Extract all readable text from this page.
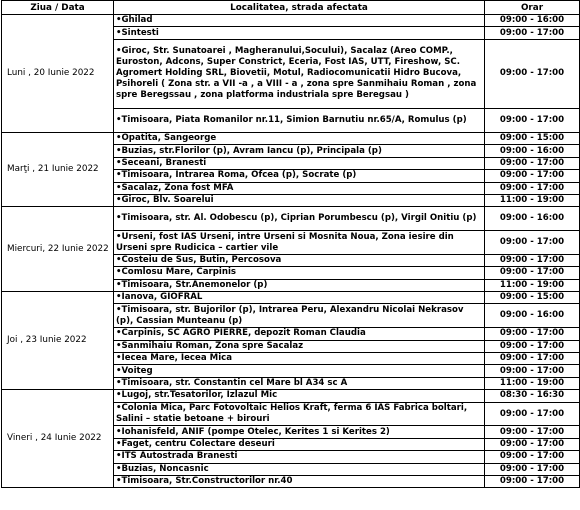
Ziua / Data	Localitatea, strada afectata	Orar
Luni , 20 Iunie 2022	•Ghilad	09:00 - 16:00
	•Sintesti	09:00 - 17:00
	•Giroc, Str. Sunatoarei , Magheranului,Socului), Sacalaz (Areo COMP., Euroston, Adcons, Super Constrict, Eceria, Fost IAS, UTT, Fireshow, SC. Agromert Holding SRL, Biovetii, Motul, Radiocomunicatii Hidro Bucova, Psihoreli ( Zona str. a VII -a , a VIII - a , zona spre Sanmihaiu Roman , zona spre Beregssau , zona platforma industriala spre Beregsau )	09:00 - 17:00
	•Timisoara, Piata Romanilor nr.11, Simion Barnutiu nr.65/A, Romulus (p)	09:00 - 17:00
Marţi , 21 Iunie 2022	•Opatita, Sangeorge	09:00 - 15:00
	•Buzias, str.Florilor (p), Avram Iancu (p), Principala (p)	09:00 - 16:00
	•Seceani, Branesti	09:00 - 17:00
	•Timisoara, Intrarea Roma, Ofcea (p), Socrate (p)	09:00 - 17:00
	•Sacalaz, Zona fost MFA	09:00 - 17:00
	•Giroc, Blv. Soarelui	11:00 - 19:00
Miercuri, 22 Iunie 2022	•Timisoara, str. Al. Odobescu (p), Ciprian Porumbescu (p), Virgil Onitiu (p)	09:00 - 16:00
	•Urseni, fost IAS Urseni, intre Urseni si Mosnita Noua, Zona iesire din Urseni spre Rudicica – cartier vile	09:00 - 17:00
	•Costeiu de Sus, Butin, Percosova	09:00 - 17:00
	•Comlosu Mare, Carpinis	09:00 - 17:00
	•Timisoara, Str.Anemonelor (p)	11:00 - 19:00
Joi , 23 Iunie 2022	•Ianova, GIOFRAL	09:00 - 15:00
	•Timisoara, str. Bujorilor (p), Intrarea Peru, Alexandru Nicolai Nekrasov (p), Cassian Munteanu (p)	09:00 - 16:00
	•Carpinis, SC AGRO PIERRE, depozit Roman Claudia	09:00 - 17:00
	•Sanmihaiu Roman, Zona spre Sacalaz	09:00 - 17:00
	•Iecea Mare, Iecea Mica	09:00 - 17:00
	•Voiteg	09:00 - 17:00
	•Timisoara, str. Constantin cel Mare bl A34 sc A	11:00 - 19:00
Vineri , 24 Iunie 2022	•Lugoj, str.Tesatorilor, Izlazul Mic	08:30 - 16:30
	•Colonia Mica, Parc Fotovoltaic Helios Kraft, ferma 6 IAS Fabrica boltari, Salini – statie betoane + birouri	09:00 - 17:00
	•Iohanisfeld, ANIF (pompe Otelec, Kerites 1 si Kerites 2)	09:00 - 17:00
	•Faget, centru Colectare deseuri	09:00 - 17:00
	•ITS Autostrada Branesti	09:00 - 17:00
	•Buzias, Noncasnic	09:00 - 17:00
	•Timisoara, Str.Constructorilor nr.40	09:00 - 17:00
